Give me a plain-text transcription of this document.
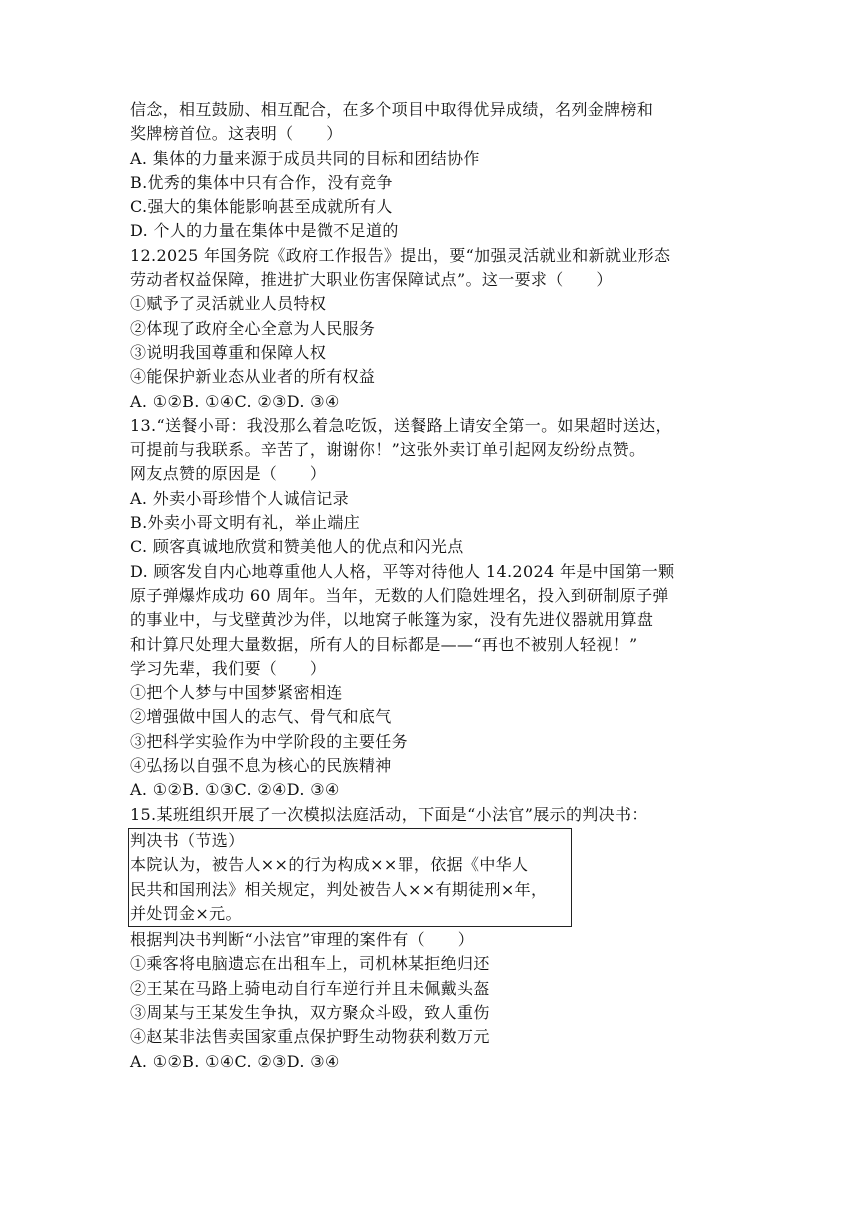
信念，相互鼓励、相互配合，在多个项目中取得优异成绩，名列金牌榜和
奖牌榜首位。这表明（　　）
A. 集体的力量来源于成员共同的目标和团结协作
B.优秀的集体中只有合作，没有竞争
C.强大的集体能影响甚至成就所有人
D. 个人的力量在集体中是微不足道的
12.2025 年国务院《政府工作报告》提出，要“加强灵活就业和新就业形态
劳动者权益保障，推进扩大职业伤害保障试点”。这一要求（　　）
①赋予了灵活就业人员特权
②体现了政府全心全意为人民服务
③说明我国尊重和保障人权
④能保护新业态从业者的所有权益
A. ①②B. ①④C. ②③D. ③④
13.“送餐小哥：我没那么着急吃饭，送餐路上请安全第一。如果超时送达，
可提前与我联系。辛苦了，谢谢你！”这张外卖订单引起网友纷纷点赞。
网友点赞的原因是（　　）
A. 外卖小哥珍惜个人诚信记录
B.外卖小哥文明有礼，举止端庄
C. 顾客真诚地欣赏和赞美他人的优点和闪光点
D. 顾客发自内心地尊重他人人格，平等对待他人 14.2024 年是中国第一颗
原子弹爆炸成功 60 周年。当年，无数的人们隐姓埋名，投入到研制原子弹
的事业中，与戈壁黄沙为伴，以地窝子帐篷为家，没有先进仪器就用算盘
和计算尺处理大量数据，所有人的目标都是——“再也不被别人轻视！”
学习先辈，我们要（　　）
①把个人梦与中国梦紧密相连
②增强做中国人的志气、骨气和底气
③把科学实验作为中学阶段的主要任务
④弘扬以自强不息为核心的民族精神
A. ①②B. ①③C. ②④D. ③④
15.某班组织开展了一次模拟法庭活动，下面是“小法官”展示的判决书：
判决书（节选）
本院认为，被告人××的行为构成××罪，依据《中华人
民共和国刑法》相关规定，判处被告人××有期徒刑×年，
并处罚金×元。
根据判决书判断“小法官”审理的案件有（　　）
①乘客将电脑遗忘在出租车上，司机林某拒绝归还
②王某在马路上骑电动自行车逆行并且未佩戴头盔
③周某与王某发生争执，双方聚众斗殴，致人重伤
④赵某非法售卖国家重点保护野生动物获利数万元
A. ①②B. ①④C. ②③D. ③④
